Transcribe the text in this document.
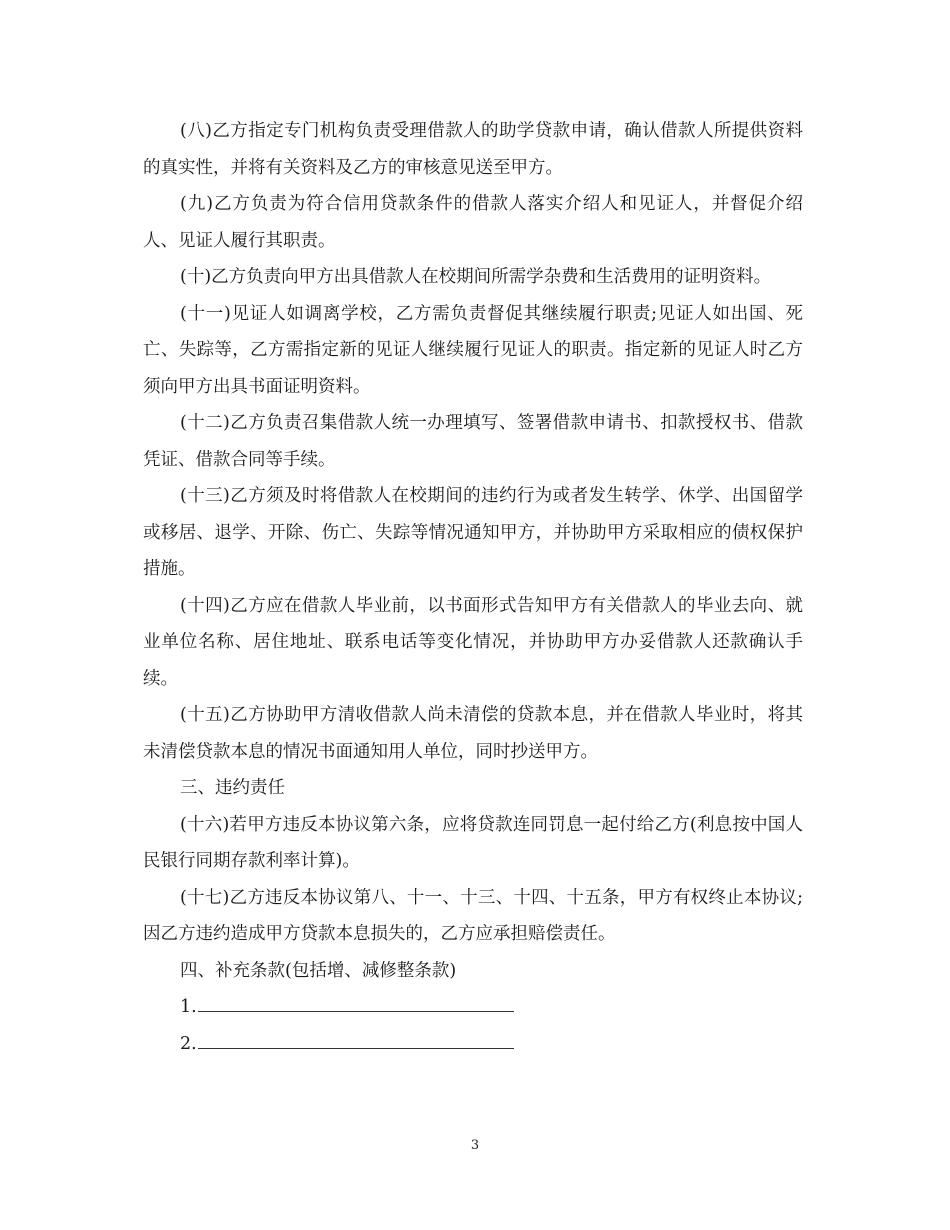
(八)乙方指定专门机构负责受理借款人的助学贷款申请，确认借款人所提供资料的真实性，并将有关资料及乙方的审核意见送至甲方。

(九)乙方负责为符合信用贷款条件的借款人落实介绍人和见证人，并督促介绍人、见证人履行其职责。

(十)乙方负责向甲方出具借款人在校期间所需学杂费和生活费用的证明资料。

(十一)见证人如调离学校，乙方需负责督促其继续履行职责;见证人如出国、死亡、失踪等，乙方需指定新的见证人继续履行见证人的职责。指定新的见证人时乙方须向甲方出具书面证明资料。

(十二)乙方负责召集借款人统一办理填写、签署借款申请书、扣款授权书、借款凭证、借款合同等手续。

(十三)乙方须及时将借款人在校期间的违约行为或者发生转学、休学、出国留学或移居、退学、开除、伤亡、失踪等情况通知甲方，并协助甲方采取相应的债权保护措施。

(十四)乙方应在借款人毕业前，以书面形式告知甲方有关借款人的毕业去向、就业单位名称、居住地址、联系电话等变化情况，并协助甲方办妥借款人还款确认手续。

(十五)乙方协助甲方清收借款人尚未清偿的贷款本息，并在借款人毕业时，将其未清偿贷款本息的情况书面通知用人单位，同时抄送甲方。

三、违约责任

(十六)若甲方违反本协议第六条，应将贷款连同罚息一起付给乙方(利息按中国人民银行同期存款利率计算)。

(十七)乙方违反本协议第八、十一、十三、十四、十五条，甲方有权终止本协议;因乙方违约造成甲方贷款本息损失的，乙方应承担赔偿责任。

四、补充条款(包括增、减修整条款)

1.

2.

3
